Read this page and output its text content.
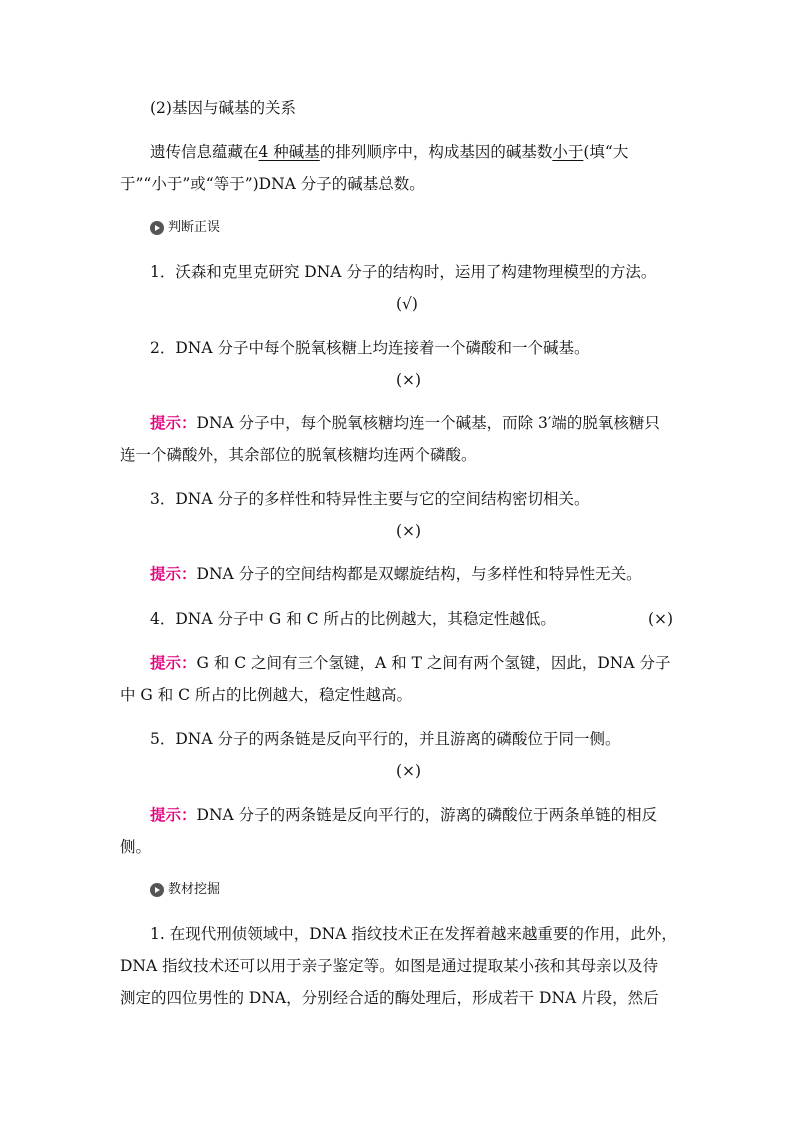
(2)基因与碱基的关系
遗传信息蕴藏在4 种碱基的排列顺序中，构成基因的碱基数小于(填“大
于”“小于”或“等于”)DNA 分子的碱基总数。
判断正误
1．沃森和克里克研究 DNA 分子的结构时，运用了构建物理模型的方法。
(√)
2．DNA 分子中每个脱氧核糖上均连接着一个磷酸和一个碱基。
(×)
提示：DNA 分子中，每个脱氧核糖均连一个碱基，而除 3′端的脱氧核糖只
连一个磷酸外，其余部位的脱氧核糖均连两个磷酸。
3．DNA 分子的多样性和特异性主要与它的空间结构密切相关。
(×)
提示：DNA 分子的空间结构都是双螺旋结构，与多样性和特异性无关。
4．DNA 分子中 G 和 C 所占的比例越大，其稳定性越低。	(×)
提示：G 和 C 之间有三个氢键，A 和 T 之间有两个氢键，因此，DNA 分子
中 G 和 C 所占的比例越大，稳定性越高。
5．DNA 分子的两条链是反向平行的，并且游离的磷酸位于同一侧。
(×)
提示：DNA 分子的两条链是反向平行的，游离的磷酸位于两条单链的相反
侧。
教材挖掘
1. 在现代刑侦领域中，DNA 指纹技术正在发挥着越来越重要的作用，此外，
DNA 指纹技术还可以用于亲子鉴定等。如图是通过提取某小孩和其母亲以及待
测定的四位男性的 DNA，分别经合适的酶处理后，形成若干 DNA 片段，然后
